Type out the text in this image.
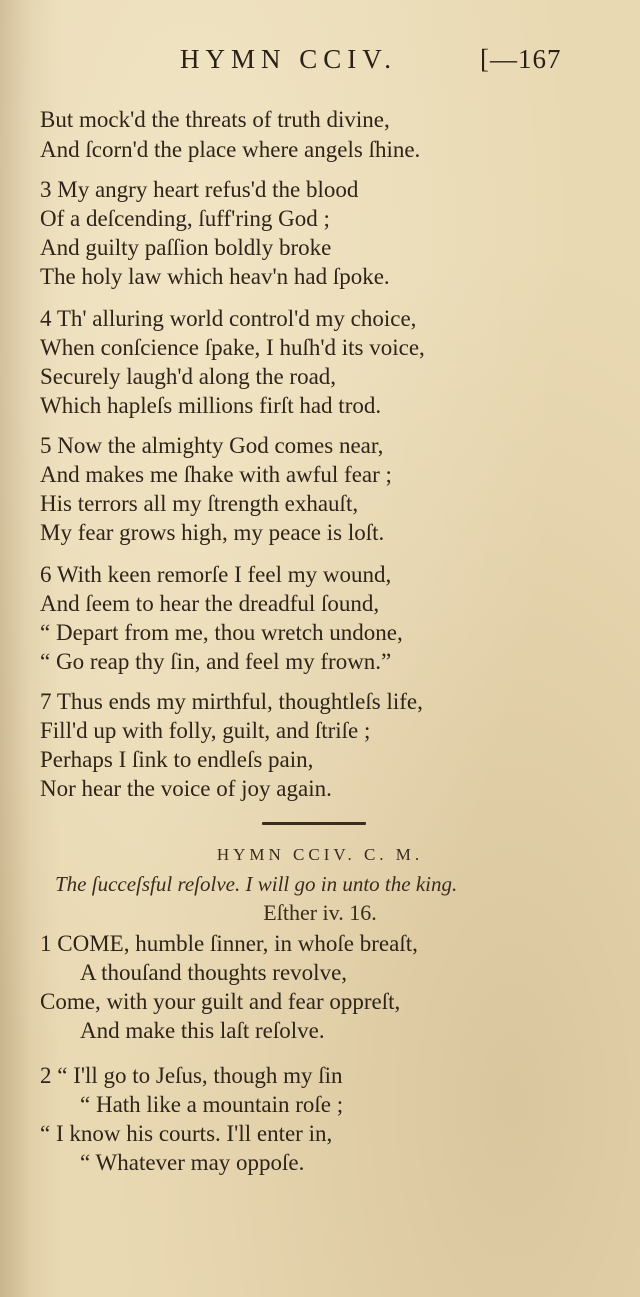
HYMN CCIV.	[—167
But mock'd the threats of truth divine,
And ſcorn'd the place where angels ſhine.
3 My angry heart refus'd the blood
Of a deſcending, ſuff'ring God ;
And guilty paſſion boldly broke
The holy law which heav'n had ſpoke.
4 Th' alluring world control'd my choice,
When conſcience ſpake, I huſh'd its voice,
Securely laugh'd along the road,
Which hapleſs millions firſt had trod.
5 Now the almighty God comes near,
And makes me ſhake with awful fear ;
His terrors all my ſtrength exhauſt,
My fear grows high, my peace is loſt.
6 With keen remorſe I feel my wound,
And ſeem to hear the dreadful ſound,
“ Depart from me, thou wretch undone,
“ Go reap thy ſin, and feel my frown.”
7 Thus ends my mirthful, thoughtleſs life,
Fill'd up with folly, guilt, and ſtriſe ;
Perhaps I ſink to endleſs pain,
Nor hear the voice of joy again.
HYMN CCIV. C. M.
The ſucceſsful reſolve. I will go in unto the king.
Eſther iv. 16.
1 COME, humble ſinner, in whoſe breaſt,
A thouſand thoughts revolve,
Come, with your guilt and fear oppreſt,
And make this laſt reſolve.
2 “ I'll go to Jeſus, though my ſin
“ Hath like a mountain roſe ;
“ I know his courts. I'll enter in,
“ Whatever may oppoſe.
